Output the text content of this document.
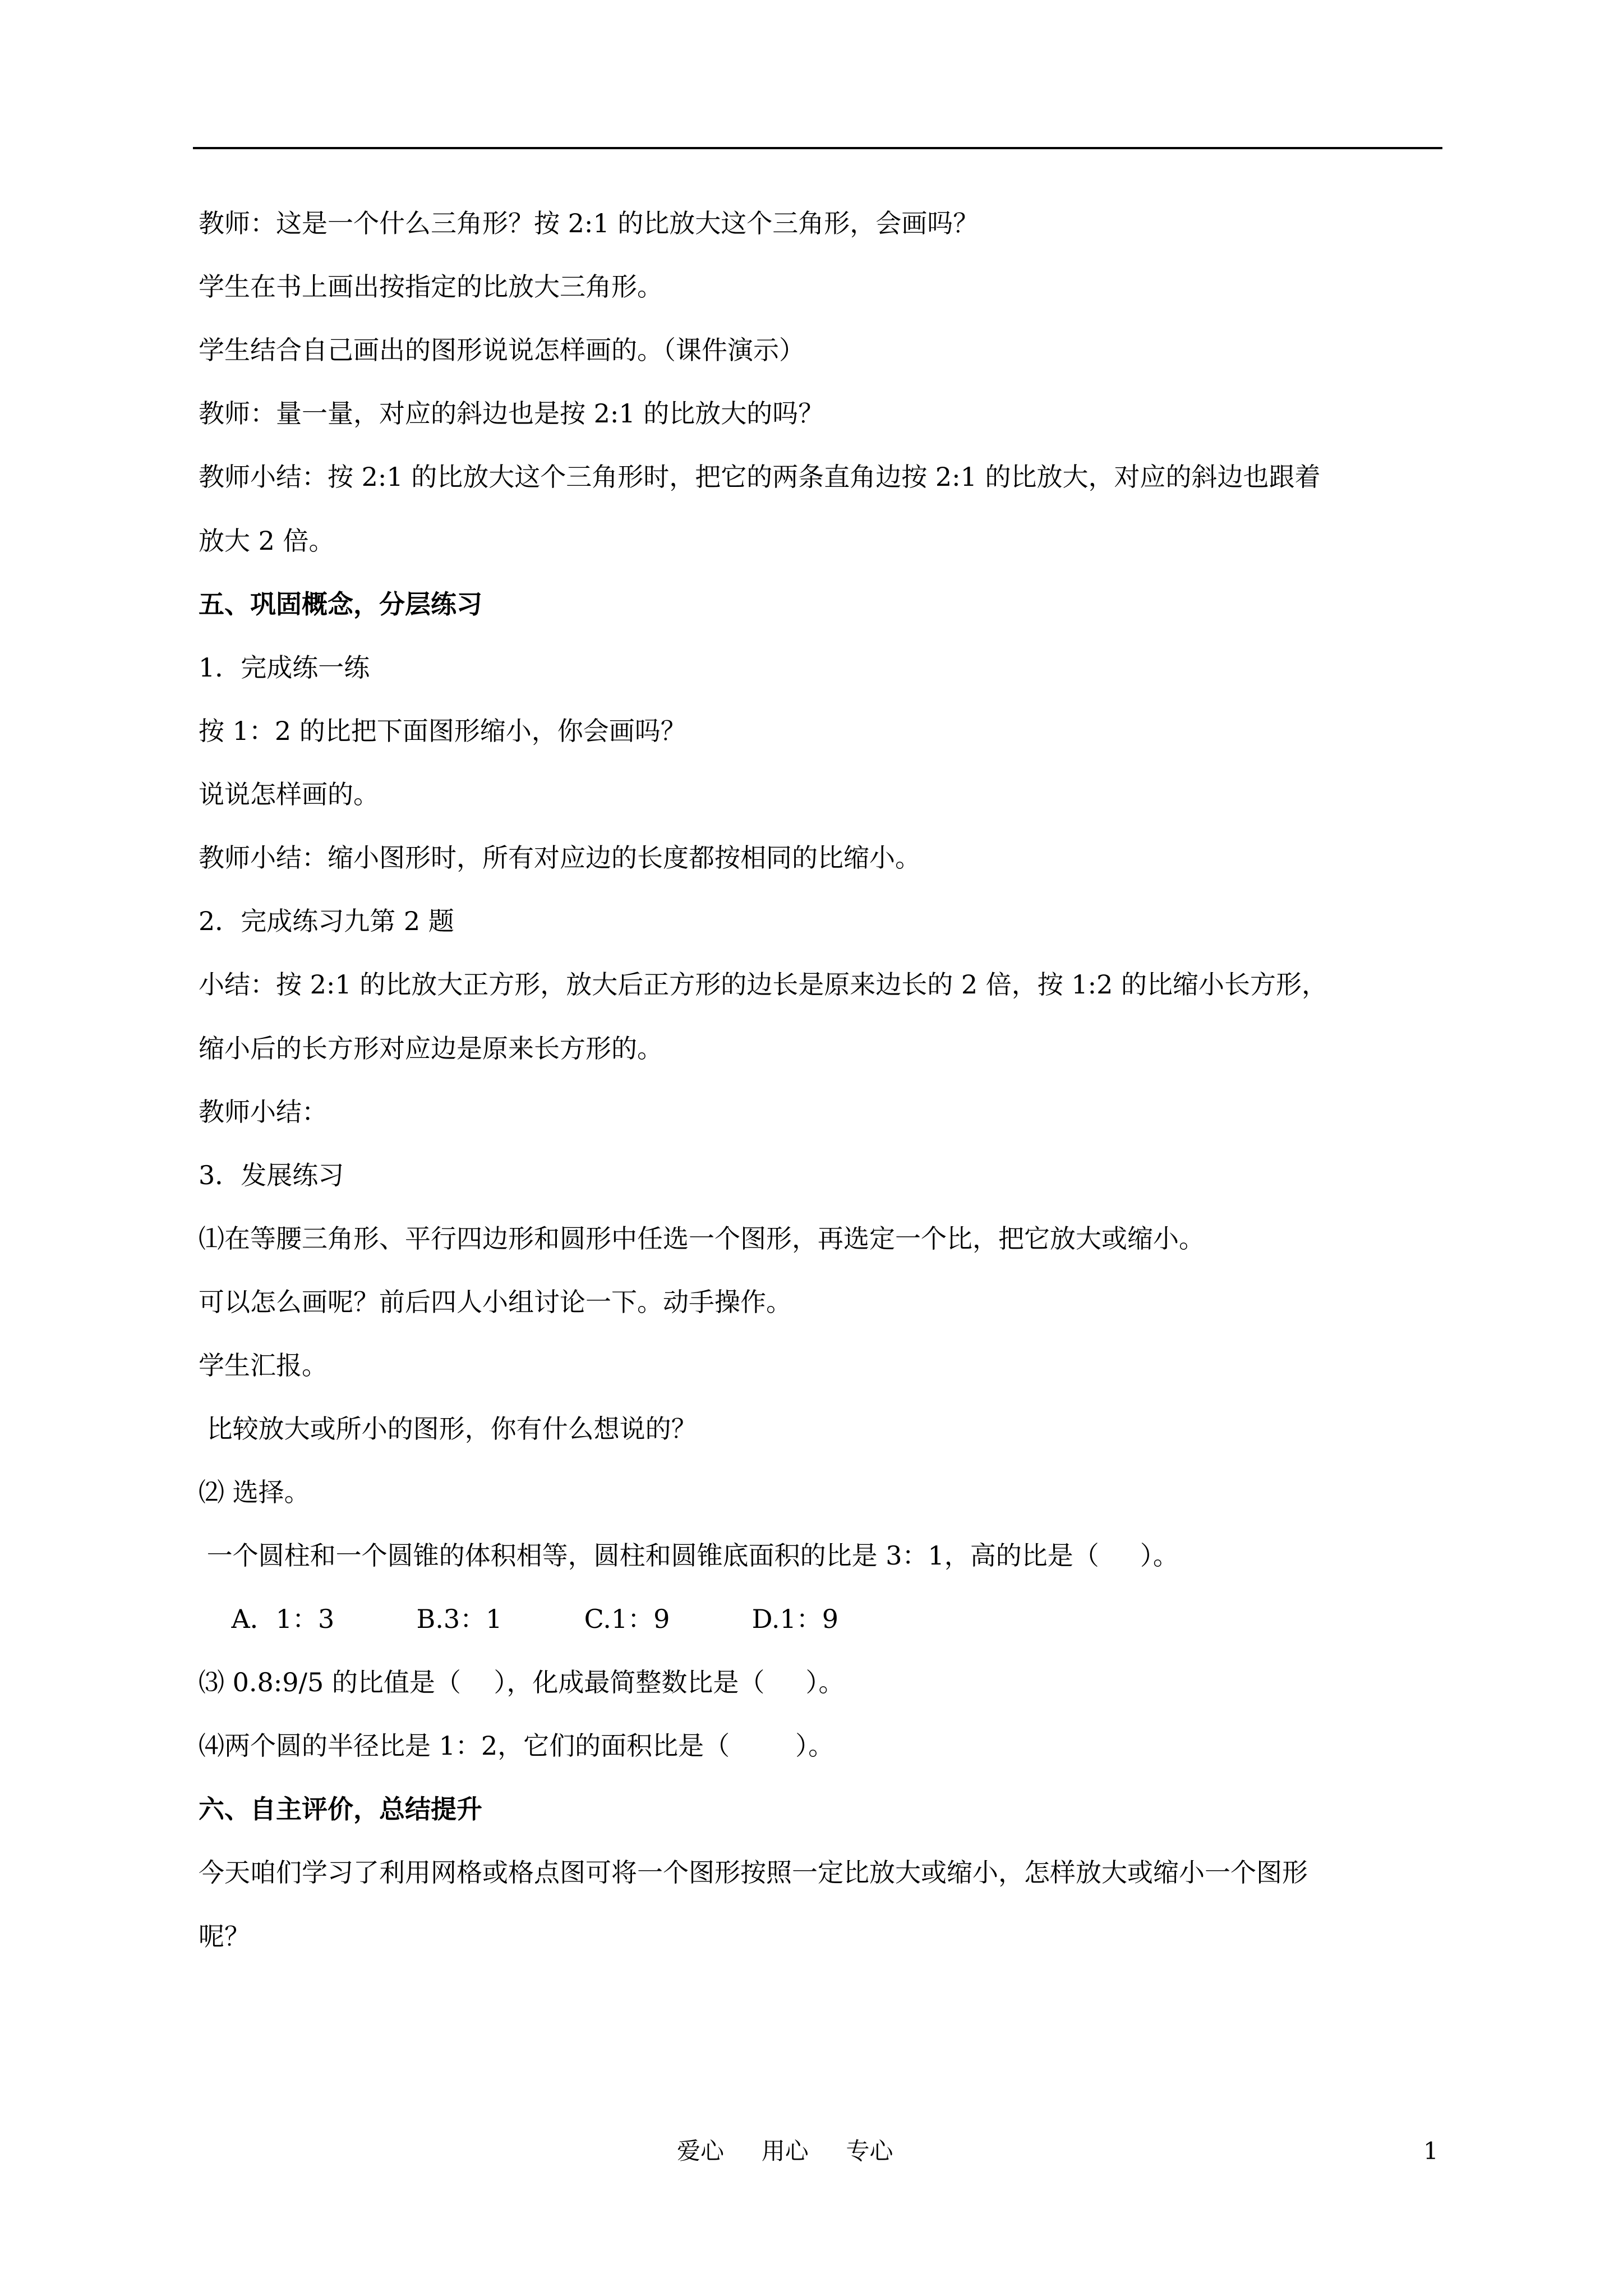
教师：这是一个什么三角形？按 2:1 的比放大这个三角形，会画吗？
学生在书上画出按指定的比放大三角形。
学生结合自己画出的图形说说怎样画的。（课件演示）
教师：量一量，对应的斜边也是按 2:1 的比放大的吗？
教师小结：按 2:1 的比放大这个三角形时，把它的两条直角边按 2:1 的比放大，对应的斜边也跟着
放大 2 倍。
五、巩固概念，分层练习
1．完成练一练
按 1：2 的比把下面图形缩小，你会画吗？
说说怎样画的。
教师小结：缩小图形时，所有对应边的长度都按相同的比缩小。
2．完成练习九第 2 题
小结：按 2:1 的比放大正方形，放大后正方形的边长是原来边长的 2 倍，按 1:2 的比缩小长方形，
缩小后的长方形对应边是原来长方形的。
教师小结：
3．发展练习
⑴在等腰三角形、平行四边形和圆形中任选一个图形，再选定一个比，把它放大或缩小。
可以怎么画呢？前后四人小组讨论一下。动手操作。
学生汇报。
比较放大或所小的图形，你有什么想说的？
⑵ 选择。
一个圆柱和一个圆锥的体积相等，圆柱和圆锥底面积的比是 3：1，高的比是（     ）。
A．1：3          B.3：1          C.1：9          D.1：9
⑶ 0.8:9/5 的比值是（    ），化成最简整数比是（     ）。
⑷两个圆的半径比是 1：2，它们的面积比是（        ）。
六、自主评价，总结提升
今天咱们学习了利用网格或格点图可将一个图形按照一定比放大或缩小，怎样放大或缩小一个图形
呢？
爱心     用心     专心	1
